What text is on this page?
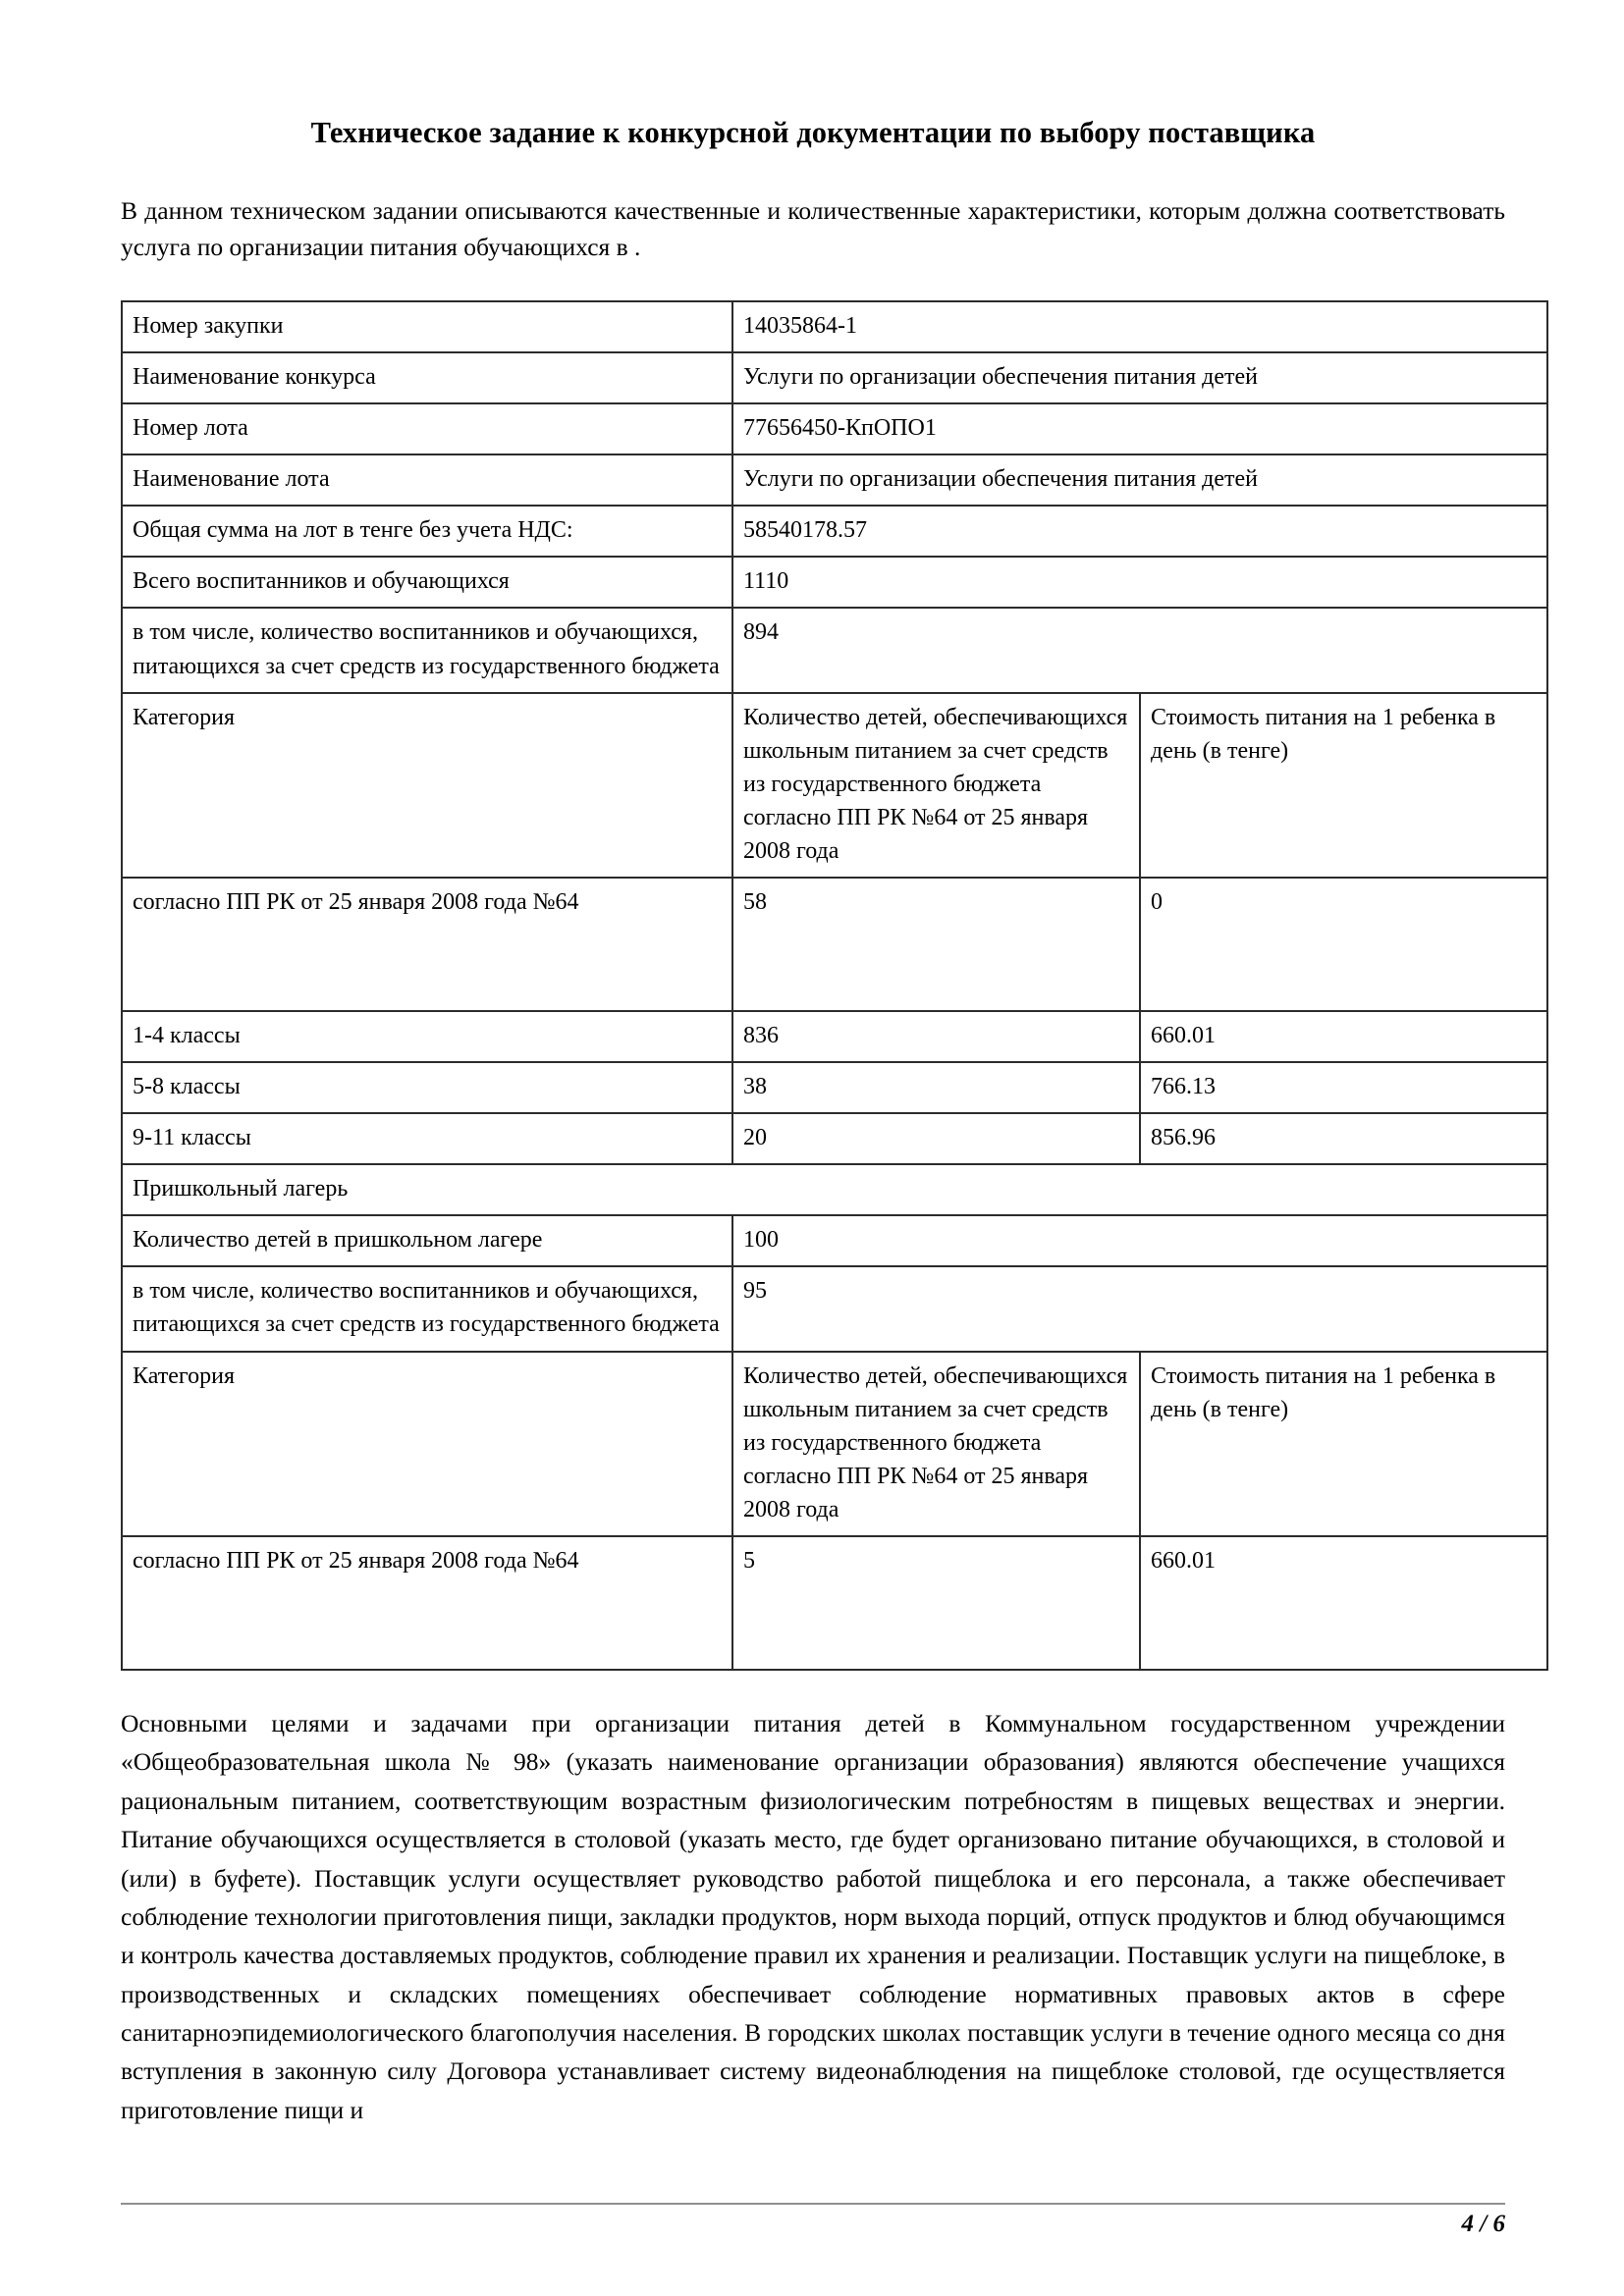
Техническое задание к конкурсной документации по выбору поставщика

В данном техническом задании описываются качественные и количественные характеристики, которым должна соответствовать услуга по организации питания обучающихся в .

Номер закупки	14035864-1	
Наименование конкурса	Услуги по организации обеспечения питания детей	
Номер лота	77656450-КпОПО1	
Наименование лота	Услуги по организации обеспечения питания детей	
Общая сумма на лот в тенге без учета НДС:	58540178.57	
Всего воспитанников и обучающихся	1110	
в том числе, количество воспитанников и обучающихся, питающихся за счет средств из государственного бюджета	894	
Категория	Количество детей, обеспечивающихся школьным питанием за счет средств из государственного бюджета согласно ПП РК №64 от 25 января 2008 года	Стоимость питания на 1 ребенка в день (в тенге)
согласно ПП РК от 25 января 2008 года №64	58	0
1-4 классы	836	660.01
5-8 классы	38	766.13
9-11 классы	20	856.96
Пришкольный лагерь		
Количество детей в пришкольном лагере	100	
в том числе, количество воспитанников и обучающихся, питающихся за счет средств из государственного бюджета	95	
Категория	Количество детей, обеспечивающихся школьным питанием за счет средств из государственного бюджета согласно ПП РК №64 от 25 января 2008 года	Стоимость питания на 1 ребенка в день (в тенге)
согласно ПП РК от 25 января 2008 года №64	5	660.01

Основными целями и задачами при организации питания детей в Коммунальном государственном учреждении «Общеобразовательная школа № 98» (указать наименование организации образования) являются обеспечение учащихся рациональным питанием, соответствующим возрастным физиологическим потребностям в пищевых веществах и энергии. Питание обучающихся осуществляется в столовой (указать место, где будет организовано питание обучающихся, в столовой и (или) в буфете). Поставщик услуги осуществляет руководство работой пищеблока и его персонала, а также обеспечивает соблюдение технологии приготовления пищи, закладки продуктов, норм выхода порций, отпуск продуктов и блюд обучающимся и контроль качества доставляемых продуктов, соблюдение правил их хранения и реализации. Поставщик услуги на пищеблоке, в производственных и складских помещениях обеспечивает соблюдение нормативных правовых актов в сфере санитарноэпидемиологического благополучия населения. В городских школах поставщик услуги в течение одного месяца со дня вступления в законную силу Договора устанавливает систему видеонаблюдения на пищеблоке столовой, где осуществляется приготовление пищи и

4 / 6
